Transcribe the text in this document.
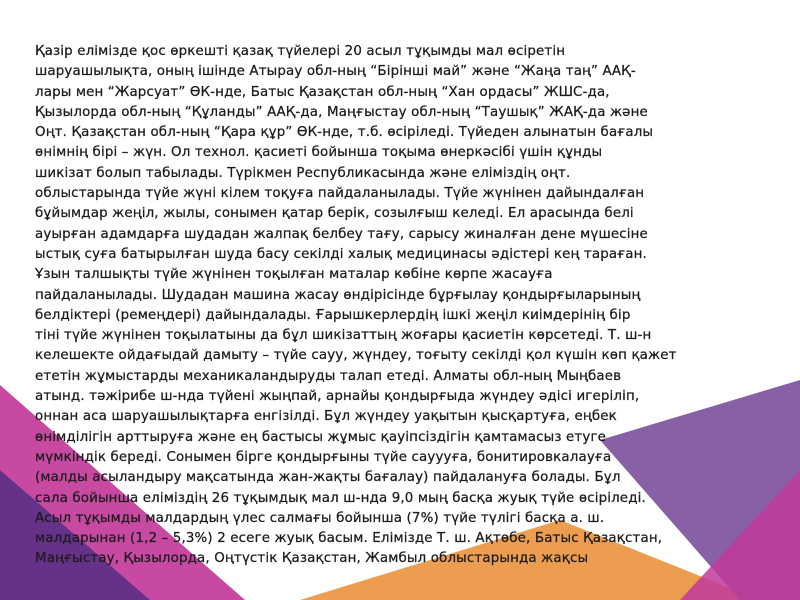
Қазір елімізде қос өркешті қазақ түйелері 20 асыл тұқымды мал өсіретін
шаруашылықта, оның ішінде Атырау обл-ның “Бірінші май” және “Жаңа таң” ААҚ-
лары мен “Жарсуат” ӨК-нде, Батыс Қазақстан обл-ның “Хан ордасы” ЖШС-да,
Қызылорда обл-ның “Құланды” ААҚ-да, Маңғыстау обл-ның “Таушық” ЖАҚ-да және
Оңт. Қазақстан обл-ның “Қара құр” ӨК-нде, т.б. өсіріледі. Түйеден алынатын бағалы
өнімнің бірі – жүн. Ол технол. қасиеті бойынша тоқыма өнеркәсібі үшін құнды
шикізат болып табылады. Түрікмен Республикасында және еліміздің оңт.
облыстарында түйе жүні кілем тоқуға пайдаланылады. Түйе жүнінен дайындалған
бұйымдар жеңіл, жылы, сонымен қатар берік, созылғыш келеді. Ел арасында белі
ауырған адамдарға шудадан жалпақ белбеу тағу, сарысу жиналған дене мүшесіне
ыстық суға батырылған шуда басу секілді халық медицинасы әдістері кең тараған.
Ұзын талшықты түйе жүнінен тоқылған маталар көбіне көрпе жасауға
пайдаланылады. Шудадан машина жасау өндірісінде бұрғылау қондырғыларының
белдіктері (ремеңдері) дайындалады. Ғарышкерлердің ішкі жеңіл киімдерінің бір
тіні түйе жүнінен тоқылатыны да бұл шикізаттың жоғары қасиетін көрсетеді. Т. ш-н
келешекте ойдағыдай дамыту – түйе сауу, жүндеу, тоғыту секілді қол күшін көп қажет
ететін жұмыстарды механикаландыруды талап етеді. Алматы обл-ның Мыңбаев
атынд. тәжірибе ш-нда түйені жыңпай, арнайы қондырғыда жүндеу әдісі игеріліп,
оннан аса шаруашылықтарға енгізілді. Бұл жүндеу уақытын қысқартуға, еңбек
өнімділігін арттыруға және ең бастысы жұмыс қауіпсіздігін қамтамасыз етуге
мүмкіндік береді. Сонымен бірге қондырғыны түйе сауууға, бонитировкалауға
(малды асыландыру мақсатында жан-жақты бағалау) пайдалануға болады. Бұл
сала бойынша еліміздің 26 тұқымдық мал ш-нда 9,0 мың басқа жуық түйе өсіріледі.
Асыл тұқымды малдардың үлес салмағы бойынша (7%) түйе түлігі басқа а. ш.
малдарынан (1,2 – 5,3%) 2 есеге жуық басым. Елімізде Т. ш. Ақтөбе, Батыс Қазақстан,
Маңғыстау, Қызылорда, Оңтүстік Қазақстан, Жамбыл облыстарында жақсы
